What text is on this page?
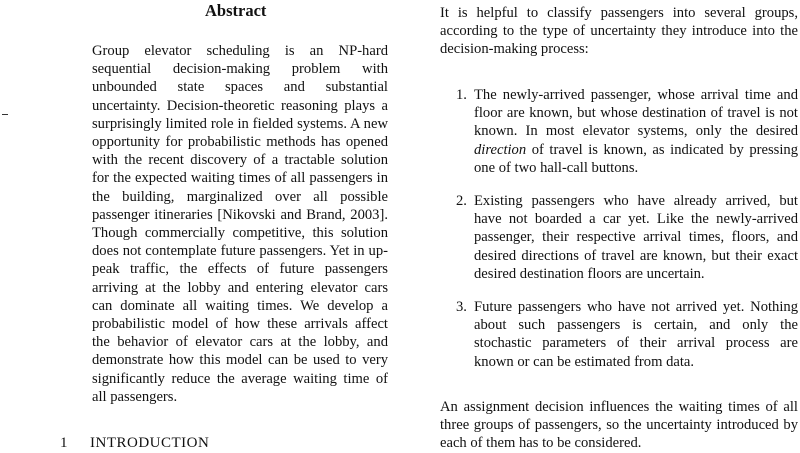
Abstract

Group elevator scheduling is an NP-hard sequential decision-making problem with unbounded state spaces and substantial uncertainty. Decision-theoretic reasoning plays a surprisingly limited role in fielded systems. A new opportunity for probabilistic methods has opened with the recent discovery of a tractable solution for the expected waiting times of all passengers in the building, marginalized over all possible passenger itineraries [Nikovski and Brand, 2003]. Though commercially competitive, this solution does not contemplate future passengers. Yet in up-peak traffic, the effects of future passengers arriving at the lobby and entering elevator cars can dominate all waiting times. We develop a probabilistic model of how these arrivals affect the behavior of elevator cars at the lobby, and demonstrate how this model can be used to very significantly reduce the average waiting time of all passengers.

1 INTRODUCTION

It is helpful to classify passengers into several groups, according to the type of uncertainty they introduce into the decision-making process:

1. The newly-arrived passenger, whose arrival time and floor are known, but whose destination of travel is not known. In most elevator systems, only the desired direction of travel is known, as indicated by pressing one of two hall-call buttons.
2. Existing passengers who have already arrived, but have not boarded a car yet. Like the newly-arrived passenger, their respective arrival times, floors, and desired directions of travel are known, but their exact desired destination floors are uncertain.
3. Future passengers who have not arrived yet. Nothing about such passengers is certain, and only the stochastic parameters of their arrival process are known or can be estimated from data.

An assignment decision influences the waiting times of all three groups of passengers, so the uncertainty introduced by each of them has to be considered.
